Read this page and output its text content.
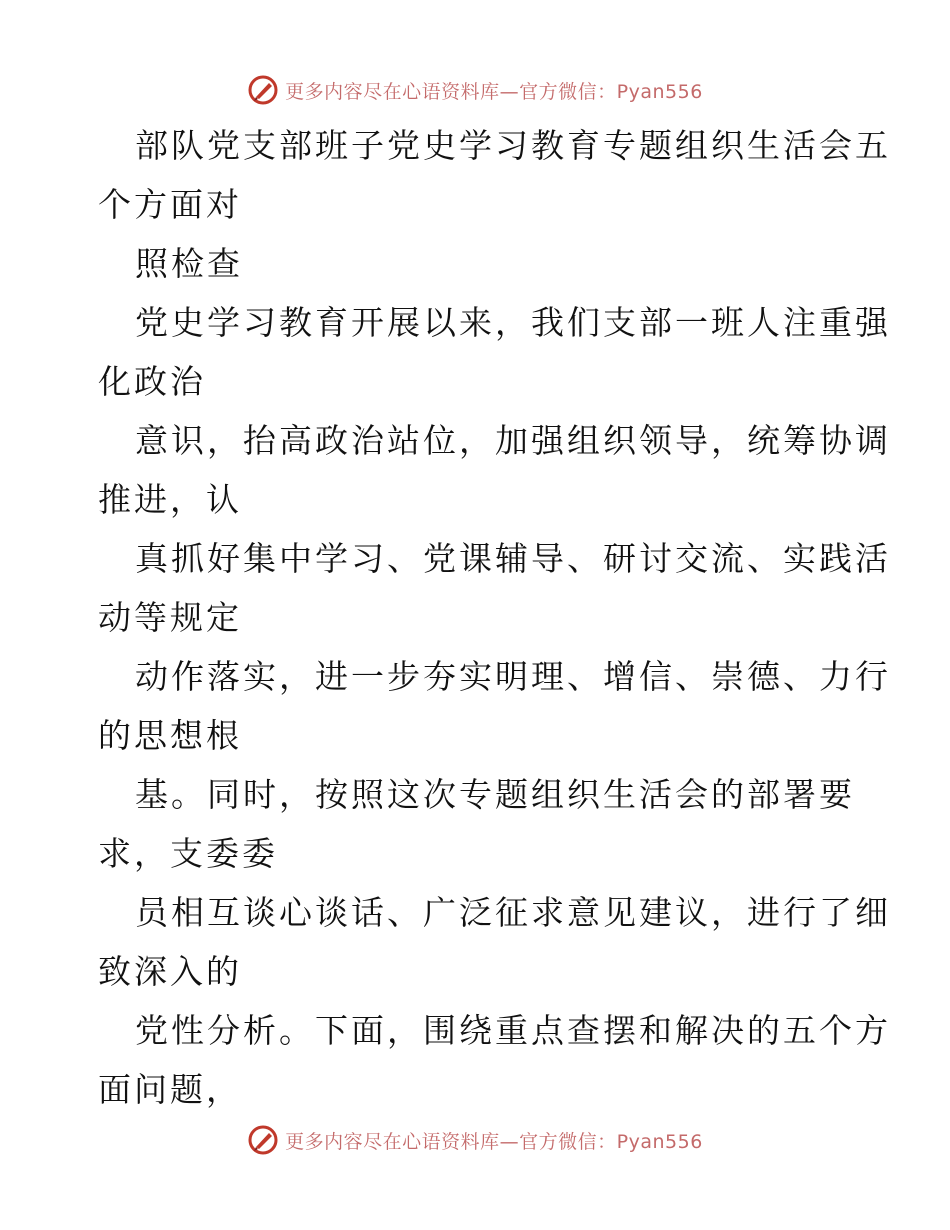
更多内容尽在心语资料库—官方微信：Pyan556
部队党支部班子党史学习教育专题组织生活会五
个方面对
照检查
党史学习教育开展以来，我们支部一班人注重强
化政治
意识，抬高政治站位，加强组织领导，统筹协调
推进，认
真抓好集中学习、党课辅导、研讨交流、实践活
动等规定
动作落实，进一步夯实明理、增信、崇德、力行
的思想根
基。同时，按照这次专题组织生活会的部署要
求，支委委
员相互谈心谈话、广泛征求意见建议，进行了细
致深入的
党性分析。下面，围绕重点查摆和解决的五个方
面问题，
更多内容尽在心语资料库—官方微信：Pyan556
